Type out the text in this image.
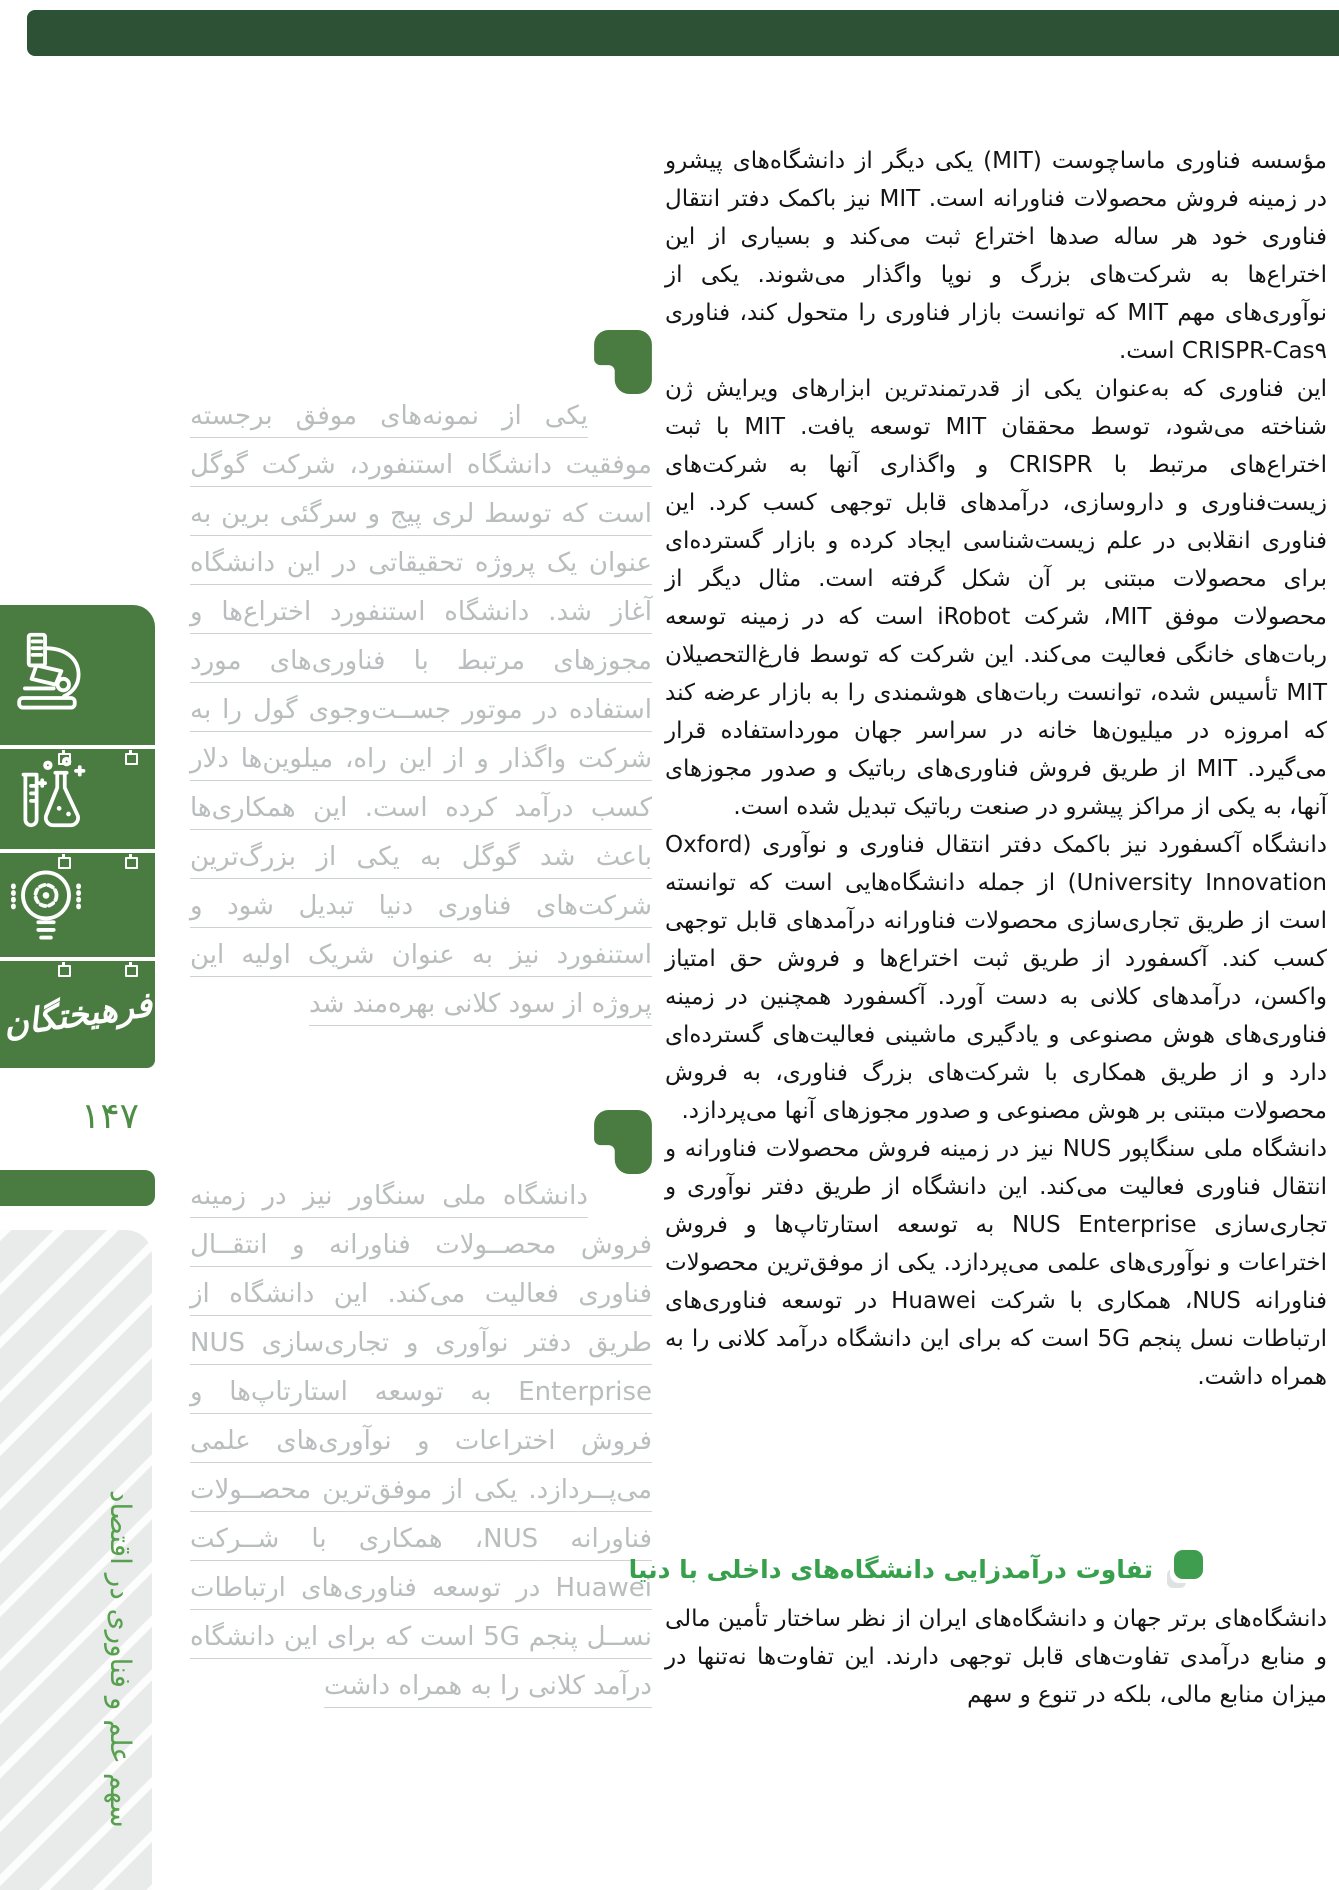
فرهیختگان
۱۴۷
سهم علم و فناوری در اقتصاد

یکی از نمونه‌های موفق برجسته موفقیت دانشگاه استنفورد، شرکت گوگل است که توسط لری پیج و سرگئی برین به عنوان یک پروژه تحقیقاتی در این دانشگاه آغاز شد. دانشگاه استنفورد اختراع‌ها و مجوزهای مرتبط با فناوری‌های مورد استفاده در موتور جســت‌وجوی گول را به شرکت واگذار و از این راه، میلوین‌ها دلار کسب درآمد کرده است. این همکاری‌ها باعث شد گوگل به یکی از بزرگ‌ترین شرکت‌های فناوری دنیا تبدیل شود و استنفورد نیز به عنوان شریک اولیه این پروژه از سود کلانی بهره‌مند شد

دانشگاه ملی سنگاور نیز در زمینه فروش محصــولات فناورانه و انتقــال فناوری فعالیت می‌کند. این دانشگاه از طریق دفتر نوآوری و تجاری‌سازی NUS Enterprise به توسعه استارتاپ‌ها و فروش اختراعات و نوآوری‌های علمی می‌پــردازد. یکی از موفق‌ترین محصــولات فناورانه NUS، همکاری با شــرکت Huawei در توسعه فناوری‌های ارتباطات نســل پنجم 5G است که برای این دانشگاه درآمد کلانی را به همراه داشت

مؤسسه فناوری ماساچوست (MIT) یکی دیگر از دانشگاه‌های پیشرو در زمینه فروش محصولات فناورانه است. MIT نیز باکمک دفتر انتقال فناوری خود هر ساله صدها اختراع ثبت می‌کند و بسیاری از این اختراع‌ها به شرکت‌های بزرگ و نوپا واگذار می‌شوند. یکی از نوآوری‌های مهم MIT که توانست بازار فناوری را متحول کند، فناوری CRISPR-Cas۹ است.

این فناوری که به‌عنوان یکی از قدرتمندترین ابزارهای ویرایش ژن شناخته می‌شود، توسط محققان MIT توسعه یافت. MIT با ثبت اختراع‌های مرتبط با CRISPR و واگذاری آنها به شرکت‌های زیست‌فناوری و داروسازی، درآمدهای قابل توجهی کسب کرد. این فناوری انقلابی در علم زیست‌شناسی ایجاد کرده و بازار گسترده‌ای برای محصولات مبتنی بر آن شکل گرفته است. مثال دیگر از محصولات موفق MIT، شرکت iRobot است که در زمینه توسعه ربات‌های خانگی فعالیت می‌کند. این شرکت که توسط فارغ‌التحصیلان MIT تأسیس شده، توانست ربات‌های هوشمندی را به بازار عرضه کند که امروزه در میلیون‌ها خانه در سراسر جهان مورداستفاده قرار می‌گیرد. MIT از طریق فروش فناوری‌های رباتیک و صدور مجوزهای آنها، به یکی از مراکز پیشرو در صنعت رباتیک تبدیل شده است.

دانشگاه آکسفورد نیز باکمک دفتر انتقال فناوری و نوآوری (Oxford University Innovation) از جمله دانشگاه‌هایی است که توانسته است از طریق تجاری‌سازی محصولات فناورانه درآمدهای قابل توجهی کسب کند. آکسفورد از طریق ثبت اختراع‌ها و فروش حق امتیاز واکسن، درآمدهای کلانی به دست آورد. آکسفورد همچنین در زمینه فناوری‌های هوش مصنوعی و یادگیری ماشینی فعالیت‌های گسترده‌ای دارد و از طریق همکاری با شرکت‌های بزرگ فناوری، به فروش محصولات مبتنی بر هوش مصنوعی و صدور مجوزهای آنها می‌پردازد.

دانشگاه ملی سنگاپور NUS نیز در زمینه فروش محصولات فناورانه و انتقال فناوری فعالیت می‌کند. این دانشگاه از طریق دفتر نوآوری و تجاری‌سازی NUS Enterprise به توسعه استارتاپ‌ها و فروش اختراعات و نوآوری‌های علمی می‌پردازد. یکی از موفق‌ترین محصولات فناورانه NUS، همکاری با شرکت Huawei در توسعه فناوری‌های ارتباطات نسل پنجم 5G است که برای این دانشگاه درآمد کلانی را به همراه داشت.

تفاوت درآمدزایی دانشگاه‌های داخلی با دنیا

دانشگاه‌های برتر جهان و دانشگاه‌های ایران از نظر ساختار تأمین مالی و منابع درآمدی تفاوت‌های قابل توجهی دارند. این تفاوت‌ها نه‌تنها در میزان منابع مالی، بلکه در تنوع و سهم
